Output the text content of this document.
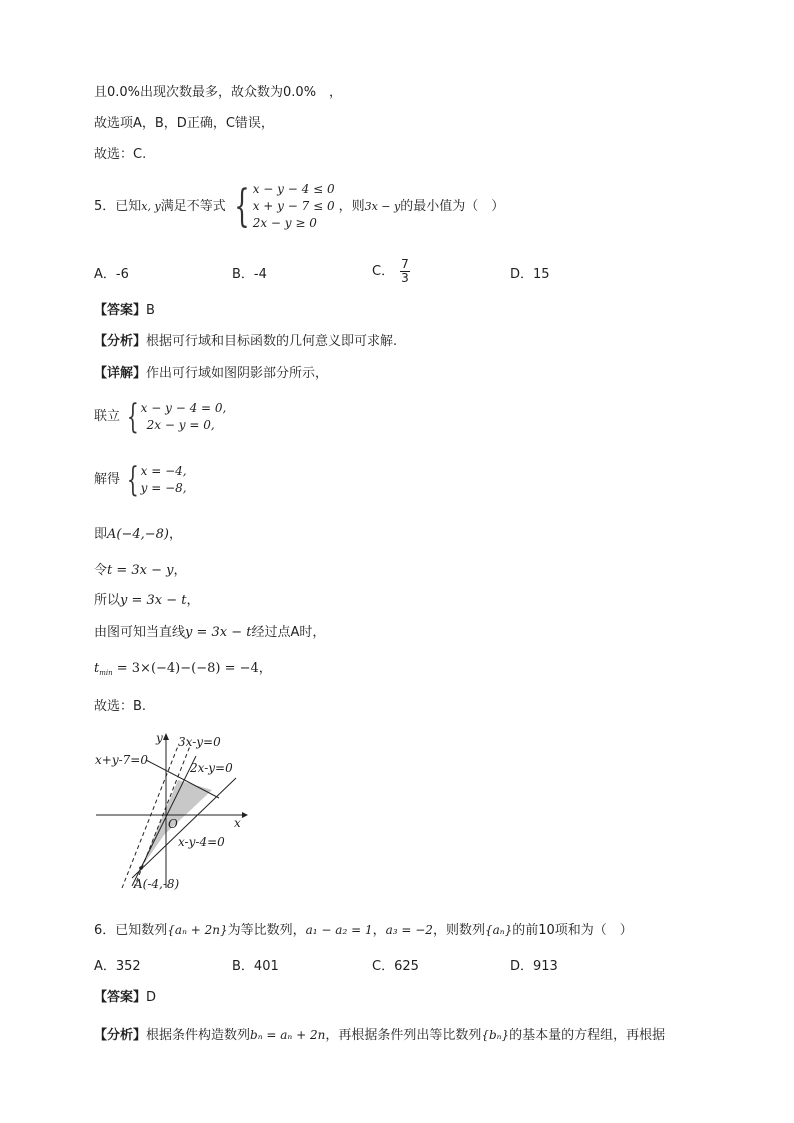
且0.0%出现次数最多，故众数为0.0%　，
故选项A，B，D正确，C错误，
故选：C.
5．已知 x, y 满足不等式 { x − y − 4 ≤ 0
x + y − 7 ≤ 0
2x − y ≥ 0
，则 3x − y 的最小值为（　）
A．-6	B．-4	C． $\frac{7}{3}$	D．15
【答案】B
【分析】根据可行域和目标函数的几何意义即可求解.
【详解】作出可行域如图阴影部分所示，
联立 { x − y − 4 = 0,
2x − y = 0,
解得 { x = −4,
y = −8,
即A(−4,−8)，
令t = 3x − y，
所以y = 3x − t，
由图可知当直线y = 3x − t经过点A时，
$t_{min} = 3\times(-4)-(-8) = -4$，
故选：B.
y
x
O
3x-y=0
2x-y=0
x+y-7=0
x-y-4=0
A(-4,-8)
6．已知数列{aₙ + 2n}为等比数列，a₁ − a₂ = 1，a₃ = −2，则数列{aₙ}的前10项和为（　）
A．352	B．401	C．625	D．913
【答案】D
【分析】根据条件构造数列bₙ = aₙ + 2n，再根据条件列出等比数列{bₙ}的基本量的方程组，再根据
